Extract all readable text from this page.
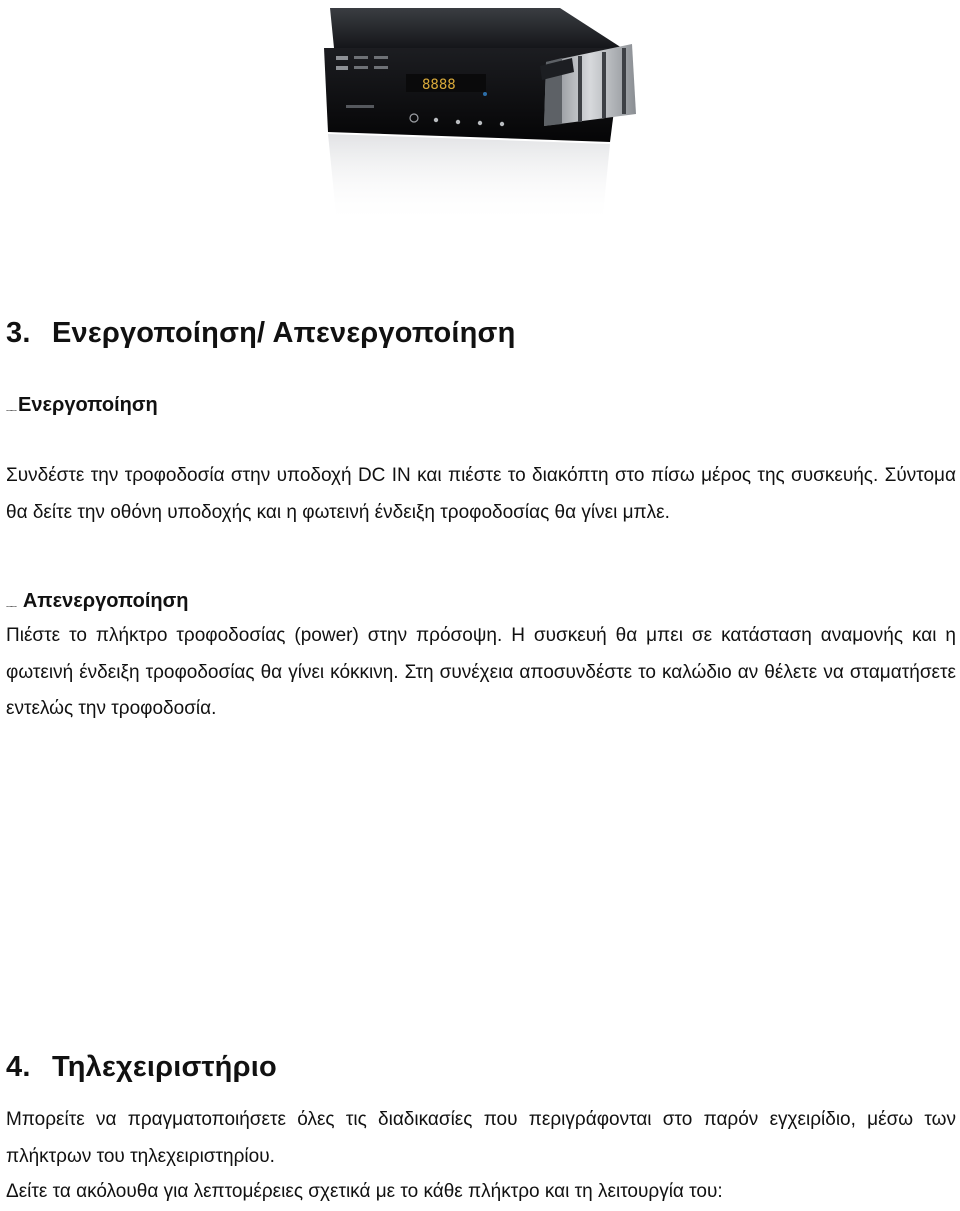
8888
3. Ενεργοποίηση/ Απενεργοποίηση
…… Ενεργοποίηση

Συνδέστε την τροφοδοσία στην υποδοχή DC IN και πιέστε το διακόπτη στο πίσω μέρος της συσκευής. Σύντομα θα δείτε την οθόνη υποδοχής και η φωτεινή ένδειξη τροφοδοσίας θα γίνει μπλε.

…… Απενεργοποίηση

Πιέστε το πλήκτρο τροφοδοσίας (power) στην πρόσοψη. Η συσκευή θα μπει σε κατάσταση αναμονής και η φωτεινή ένδειξη τροφοδοσίας θα γίνει κόκκινη. Στη συνέχεια αποσυνδέστε το καλώδιο αν θέλετε να σταματήσετε εντελώς την τροφοδοσία.

4. Τηλεχειριστήριο

Μπορείτε να πραγματοποιήσετε όλες τις διαδικασίες που περιγράφονται στο παρόν εγχειρίδιο, μέσω των πλήκτρων του τηλεχειριστηρίου.

Δείτε τα ακόλουθα για λεπτομέρειες σχετικά με το κάθε πλήκτρο και τη λειτουργία του:
